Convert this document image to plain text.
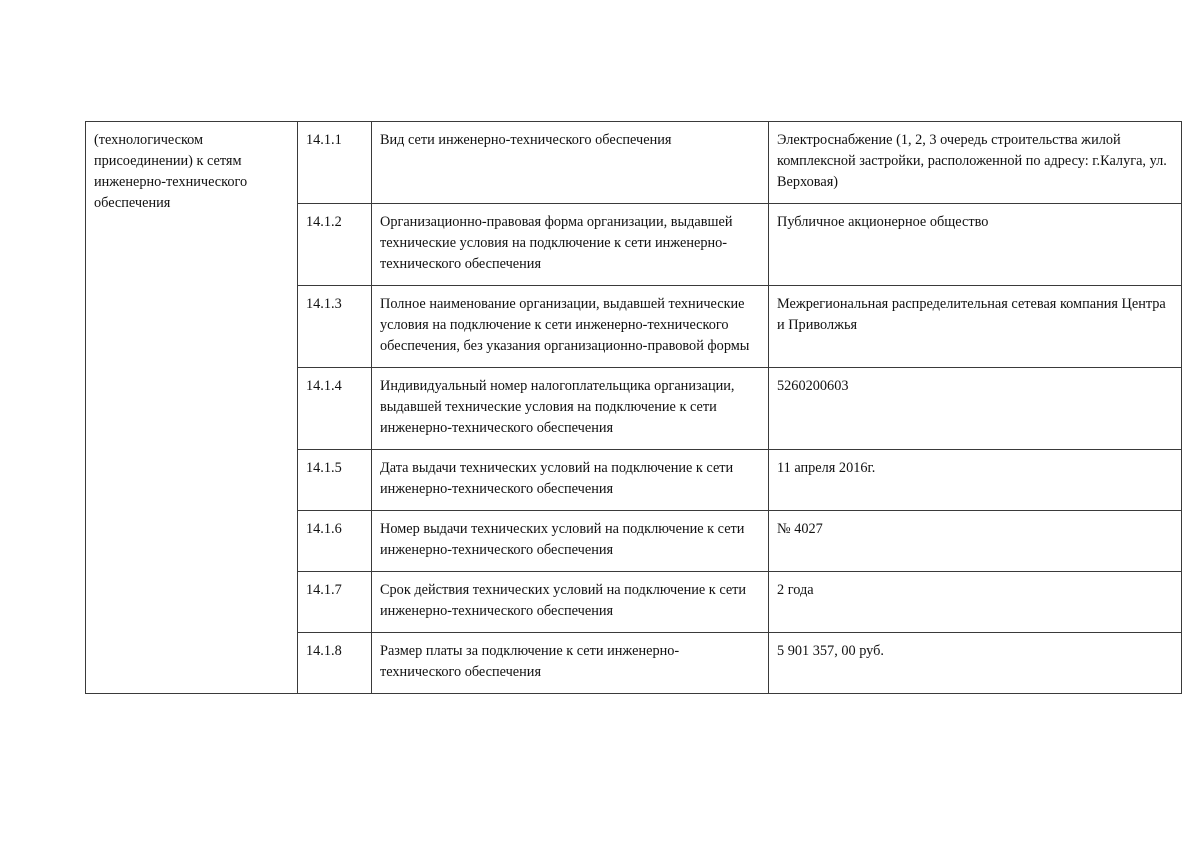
(технологическом присоединении) к сетям инженерно-технического обеспечения	14.1.1	Вид сети инженерно-технического обеспечения	Электроснабжение (1, 2, 3 очередь строительства жилой комплексной застройки, расположенной по адресу: г.Калуга, ул. Верховая)
	14.1.2	Организационно-правовая форма организации, выдавшей технические условия на подключение к сети инженерно-технического обеспечения	Публичное акционерное общество
	14.1.3	Полное наименование организации, выдавшей технические условия на подключение к сети инженерно-технического обеспечения, без указания организационно-правовой формы	Межрегиональная распределительная сетевая компания Центра и Приволжья
	14.1.4	Индивидуальный номер налогоплательщика организации, выдавшей технические условия на подключение к сети инженерно-технического обеспечения	5260200603
	14.1.5	Дата выдачи технических условий на подключение к сети инженерно-технического обеспечения	11 апреля 2016г.
	14.1.6	Номер выдачи технических условий на подключение к сети инженерно-технического обеспечения	№ 4027
	14.1.7	Срок действия технических условий на подключение к сети инженерно-технического обеспечения	2 года
	14.1.8	Размер платы за подключение к сети инженерно-технического обеспечения	5 901 357, 00 руб.
